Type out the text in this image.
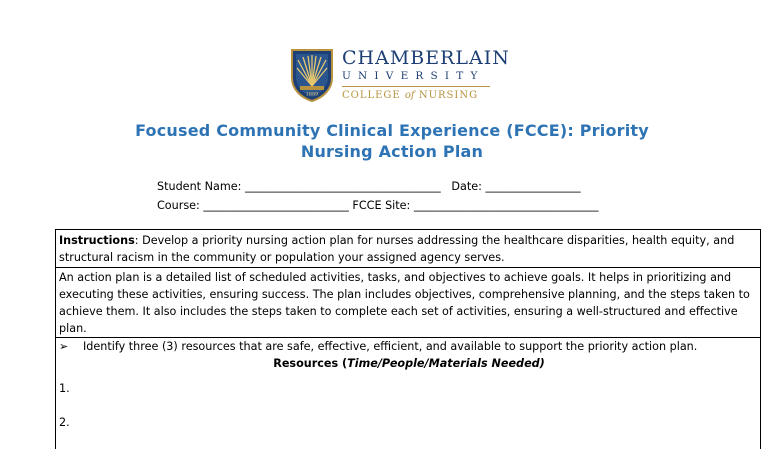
1889
CHAMBERLAIN
UNIVERSITY
COLLEGE of NURSING
Focused Community Clinical Experience (FCCE): Priority
Nursing Action Plan
Student Name: ___________________________________ Date: _________________
Course: __________________________ FCCE Site: _________________________________
Instructions: Develop a priority nursing action plan for nurses addressing the healthcare disparities, health equity, and
structural racism in the community or population your assigned agency serves.
An action plan is a detailed list of scheduled activities, tasks, and objectives to achieve goals. It helps in prioritizing and
executing these activities, ensuring success. The plan includes objectives, comprehensive planning, and the steps taken to
achieve them. It also includes the steps taken to complete each set of activities, ensuring a well-structured and effective
plan.
➢ Identify three (3) resources that are safe, effective, efficient, and available to support the priority action plan.
Resources (Time/People/Materials Needed)
1.
2.
